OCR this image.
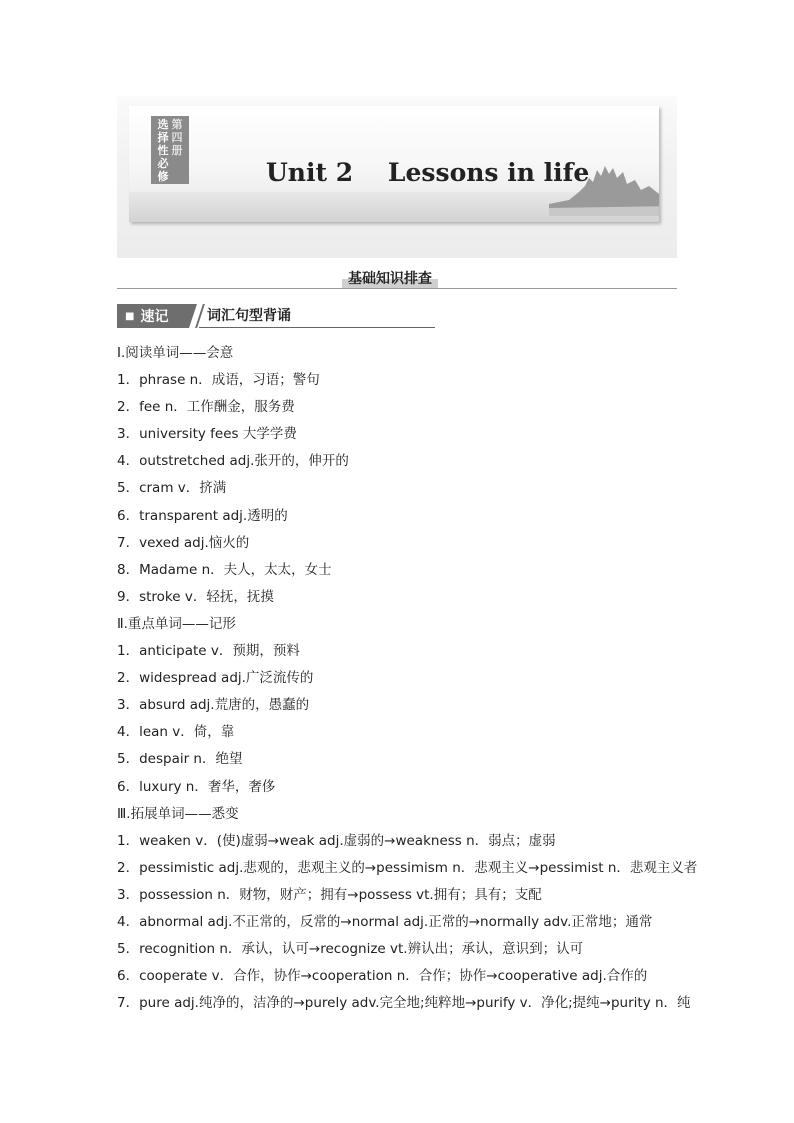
选择性必修
第四册
Unit 2    Lessons in life
基础知识排查
■ 速记	词汇句型背诵
Ⅰ.阅读单词——会意
1．phrase n．成语，习语；警句
2．fee n．工作酬金，服务费
3．university fees 大学学费
4．outstretched adj.张开的，伸开的
5．cram v．挤满
6．transparent adj.透明的
7．vexed adj.恼火的
8．Madame n．夫人，太太，女士
9．stroke v．轻抚，抚摸
Ⅱ.重点单词——记形
1．anticipate v．预期，预料
2．widespread adj.广泛流传的
3．absurd adj.荒唐的，愚蠢的
4．lean v．倚，靠
5．despair n．绝望
6．luxury n．奢华，奢侈
Ⅲ.拓展单词——悉变
1．weaken v．(使)虚弱→weak adj.虚弱的→weakness n．弱点；虚弱
2．pessimistic adj.悲观的，悲观主义的→pessimism n．悲观主义→pessimist n．悲观主义者
3．possession n．财物，财产；拥有→possess vt.拥有；具有；支配
4．abnormal adj.不正常的，反常的→normal adj.正常的→normally adv.正常地；通常
5．recognition n．承认，认可→recognize vt.辨认出；承认，意识到；认可
6．cooperate v．合作，协作→cooperation n．合作；协作→cooperative adj.合作的
7．pure adj.纯净的，洁净的→purely adv.完全地;纯粹地→purify v．净化;提纯→purity n．纯
